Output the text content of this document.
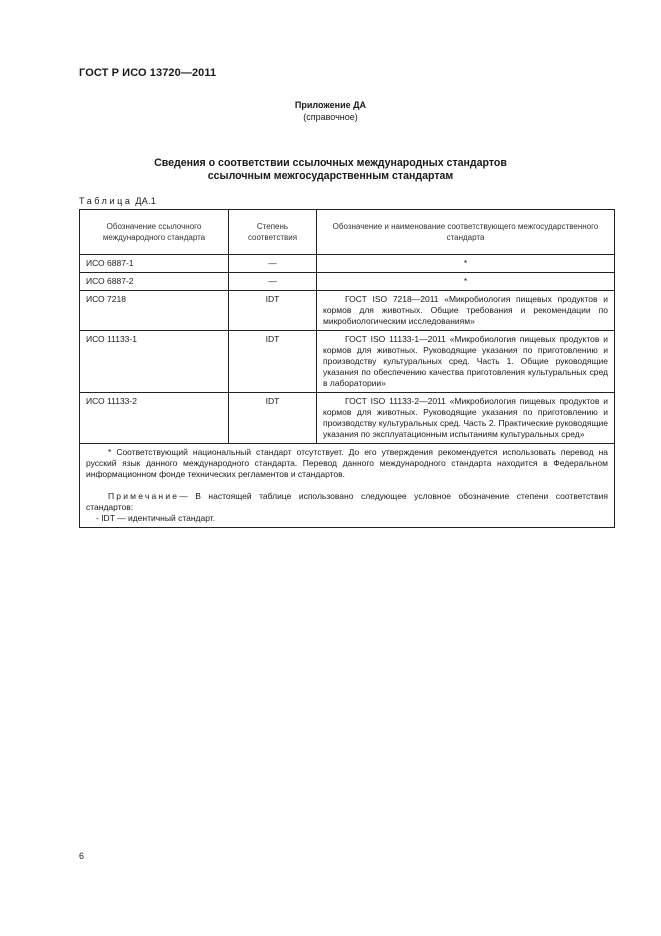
ГОСТ Р ИСО 13720—2011
Приложение ДА
(справочное)
Сведения о соответствии ссылочных международных стандартов
ссылочным межгосударственным стандартам
Таблица ДА.1
Обозначение ссылочного международного стандарта	Степень соответствия	Обозначение и наименование соответствующего межгосударственного стандарта
ИСО 6887-1	—	*
ИСО 6887-2	—	*
ИСО 7218	IDT	ГОСТ ISO 7218—2011 «Микробиология пищевых продуктов и кормов для животных. Общие требования и рекомендации по микробиологическим исследованиям»
ИСО 11133-1	IDT	ГОСТ ISO 11133-1—2011 «Микробиология пищевых продуктов и кормов для животных. Руководящие указания по приготовлению и производству культуральных сред. Часть 1. Общие руководящие указания по обеспечению качества приготовления культуральных сред в лаборатории»
ИСО 11133-2	IDT	ГОСТ ISO 11133-2—2011 «Микробиология пищевых продуктов и кормов для животных. Руководящие указания по приготовлению и производству культуральных сред. Часть 2. Практические руководящие указания по эксплуатационным испытаниям культуральных сред»

* Соответствующий национальный стандарт отсутствует. До его утверждения рекомендуется использовать перевод на русский язык данного международного стандарта. Перевод данного международного стандарта находится в Федеральном информационном фонде технических регламентов и стандартов.

Примечание— В настоящей таблице использовано следующее условное обозначение степени соответствия стандартов:

- IDT — идентичный стандарт.		

6
